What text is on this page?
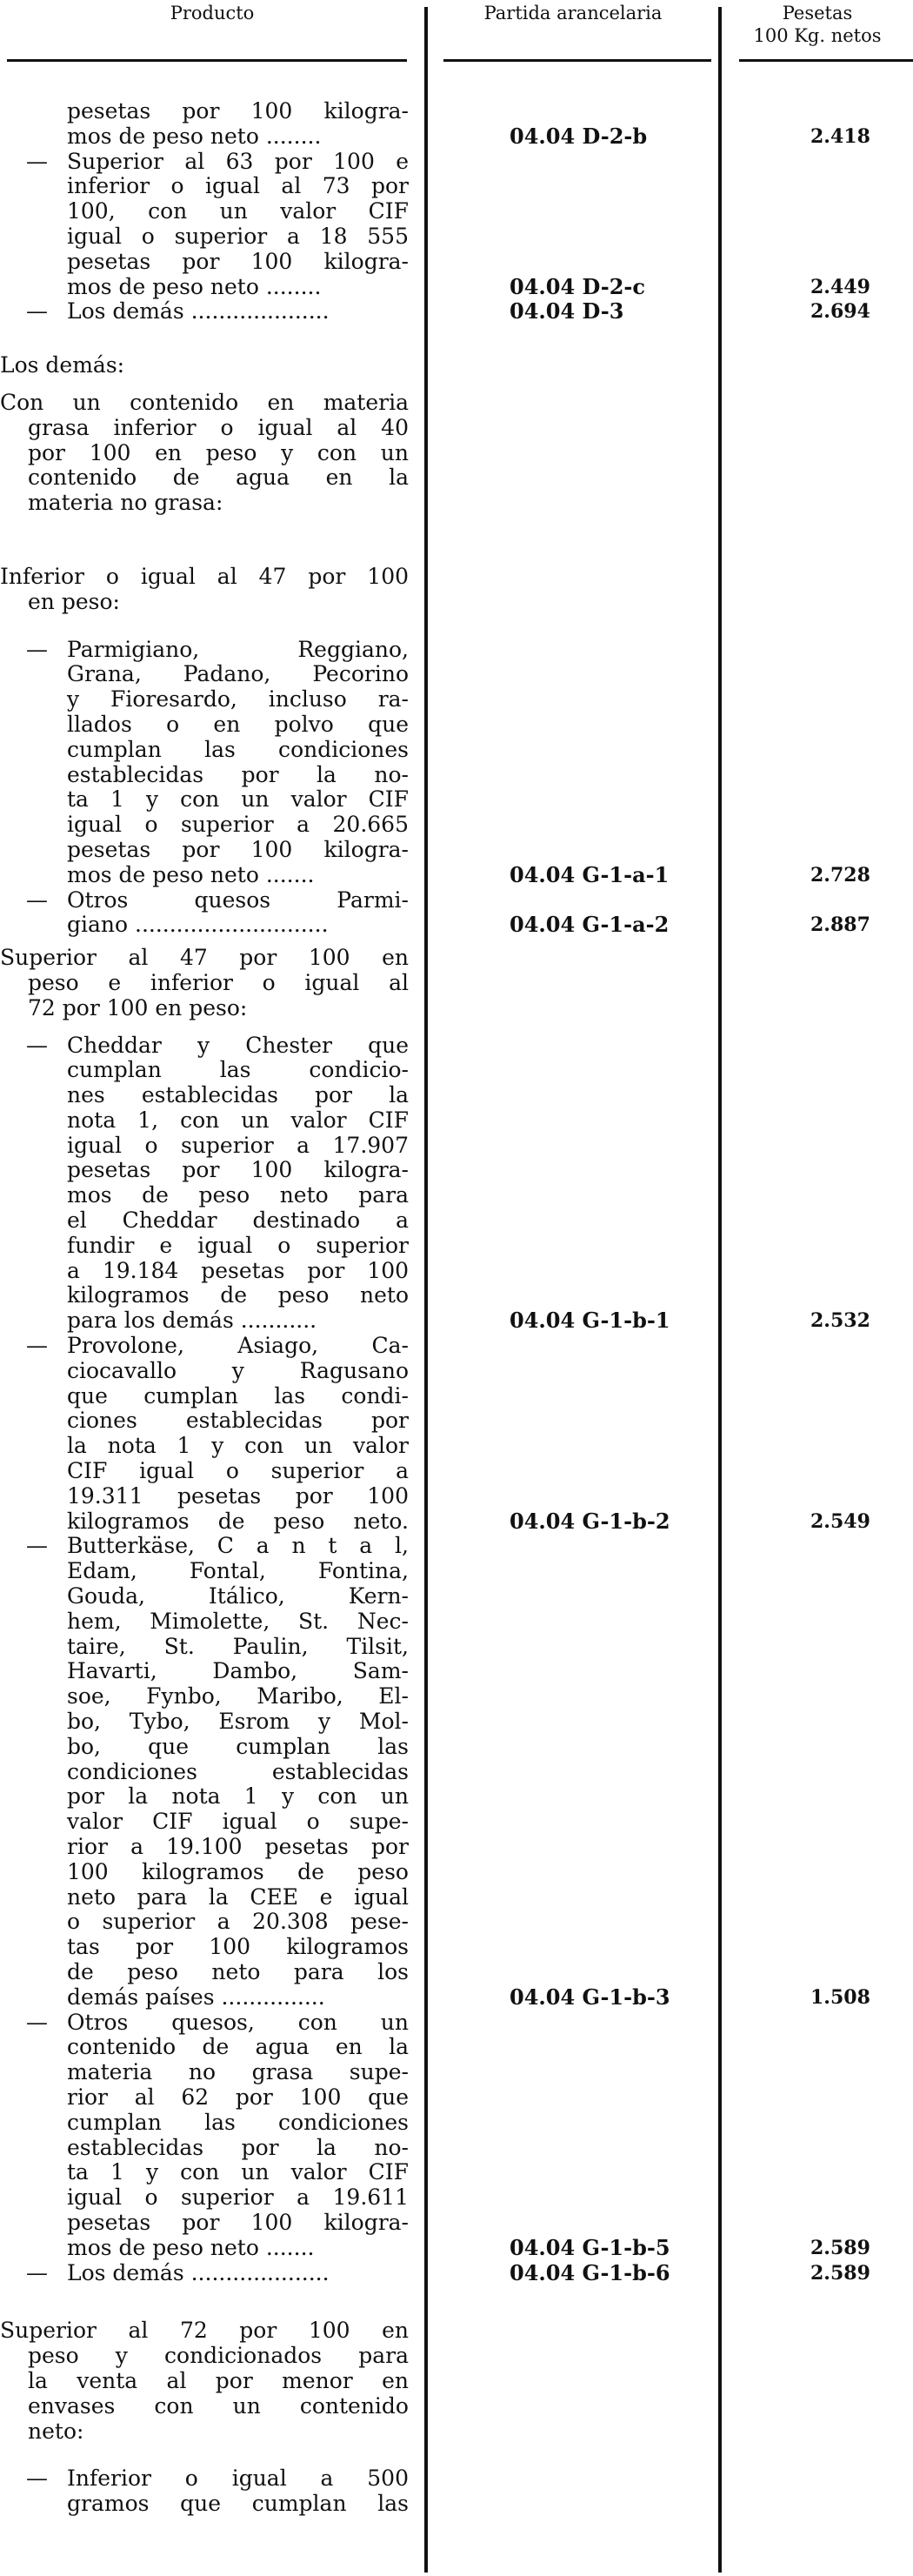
Producto	Partida arancelaria	Pesetas
100 Kg. netos
pesetas por 100 kilogra-
mos de peso neto ........	04.04 D-2-b	2.418
— Superior al 63 por 100 e
inferior o igual al 73 por
100, con un valor CIF
igual o superior a 18 555
pesetas por 100 kilogra-
mos de peso neto ........	04.04 D-2-c	2.449
— Los demás ....................	04.04 D-3	2.694
Los demás:
Con un contenido en materia
grasa inferior o igual al 40
por 100 en peso y con un
contenido de agua en la
materia no grasa:
Inferior o igual al 47 por 100
en peso:
— Parmigiano, Reggiano,
Grana, Padano, Pecorino
y Fioresardo, incluso ra-
llados o en polvo que
cumplan las condiciones
establecidas por la no-
ta 1 y con un valor CIF
igual o superior a 20.665
pesetas por 100 kilogra-
mos de peso neto .......	04.04 G-1-a-1	2.728
— Otros quesos Parmi-
giano ............................	04.04 G-1-a-2	2.887
Superior al 47 por 100 en
peso e inferior o igual al
72 por 100 en peso:
— Cheddar y Chester que
cumplan las condicio-
nes establecidas por la
nota 1, con un valor CIF
igual o superior a 17.907
pesetas por 100 kilogra-
mos de peso neto para
el Cheddar destinado a
fundir e igual o superior
a 19.184 pesetas por 100
kilogramos de peso neto
para los demás ...........	04.04 G-1-b-1	2.532
— Provolone, Asiago, Ca-
ciocavallo y Ragusano
que cumplan las condi-
ciones establecidas por
la nota 1 y con un valor
CIF igual o superior a
19.311 pesetas por 100
kilogramos de peso neto.	04.04 G-1-b-2	2.549
— Butterkäse, C a n t a l,
Edam, Fontal, Fontina,
Gouda, Itálico, Kern-
hem, Mimolette, St. Nec-
taire, St. Paulin, Tilsit,
Havarti, Dambo, Sam-
soe, Fynbo, Maribo, El-
bo, Tybo, Esrom y Mol-
bo, que cumplan las
condiciones establecidas
por la nota 1 y con un
valor CIF igual o supe-
rior a 19.100 pesetas por
100 kilogramos de peso
neto para la CEE e igual
o superior a 20.308 pese-
tas por 100 kilogramos
de peso neto para los
demás países ...............	04.04 G-1-b-3	1.508
— Otros quesos, con un
contenido de agua en la
materia no grasa supe-
rior al 62 por 100 que
cumplan las condiciones
establecidas por la no-
ta 1 y con un valor CIF
igual o superior a 19.611
pesetas por 100 kilogra-
mos de peso neto .......	04.04 G-1-b-5	2.589
— Los demás ....................	04.04 G-1-b-6	2.589
Superior al 72 por 100 en
peso y condicionados para
la venta al por menor en
envases con un contenido
neto:
— Inferior o igual a 500
gramos que cumplan las
